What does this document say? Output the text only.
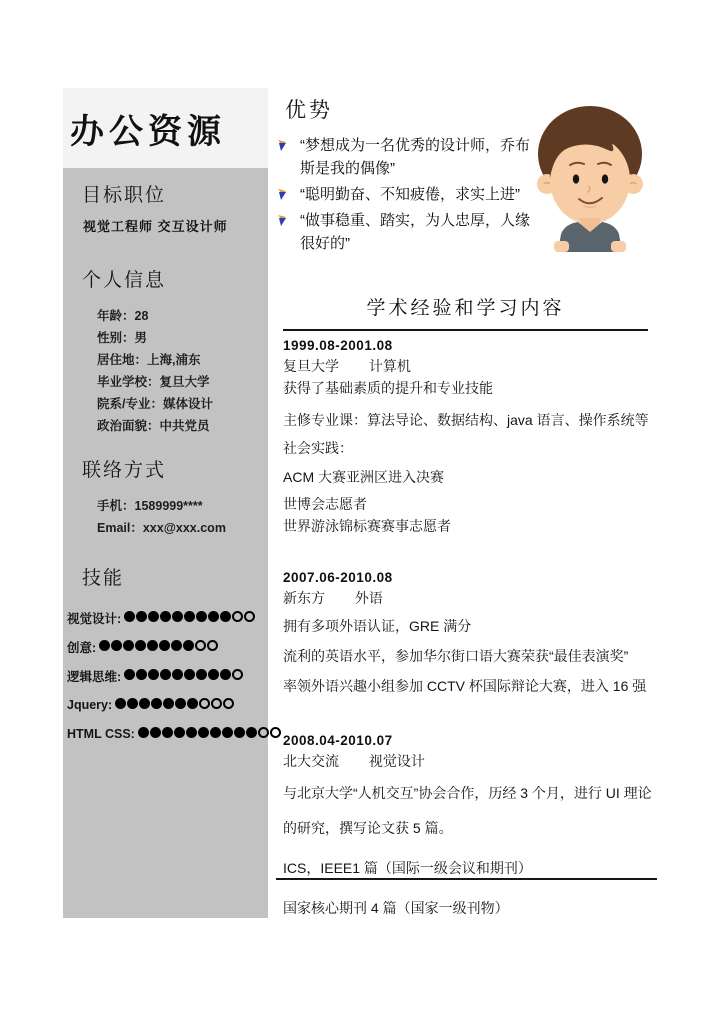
办公资源
目标职位
视觉工程师 交互设计师
个人信息
年龄：28
性别：男
居住地：上海,浦东
毕业学校：复旦大学
院系/专业：媒体设计
政治面貌：中共党员
联络方式
手机：1589999****
Email：xxx@xxx.com
技能
视觉设计:
创意:
逻辑思维:
Jquery:
HTML CSS:
优势
“梦想成为一名优秀的设计师，乔布斯是我的偶像”
“聪明勤奋、不知疲倦，求实上进”
“做事稳重、踏实，为人忠厚，人缘很好的”
学术经验和学习内容
1999.08-2001.08
复旦大学 计算机
获得了基础素质的提升和专业技能
主修专业课：算法导论、数据结构、java 语言、操作系统等
社会实践：
ACM 大赛亚洲区进入决赛
世博会志愿者
世界游泳锦标赛赛事志愿者
2007.06-2010.08
新东方 外语
拥有多项外语认证，GRE 满分
流利的英语水平，参加华尔街口语大赛荣获“最佳表演奖”
率领外语兴趣小组参加 CCTV 杯国际辩论大赛，进入 16 强
2008.04-2010.07
北大交流 视觉设计
与北京大学“人机交互”协会合作，历经 3 个月，进行 UI 理论
的研究，撰写论文获 5 篇。
ICS，IEEE1 篇（国际一级会议和期刊）
国家核心期刊 4 篇（国家一级刊物）
